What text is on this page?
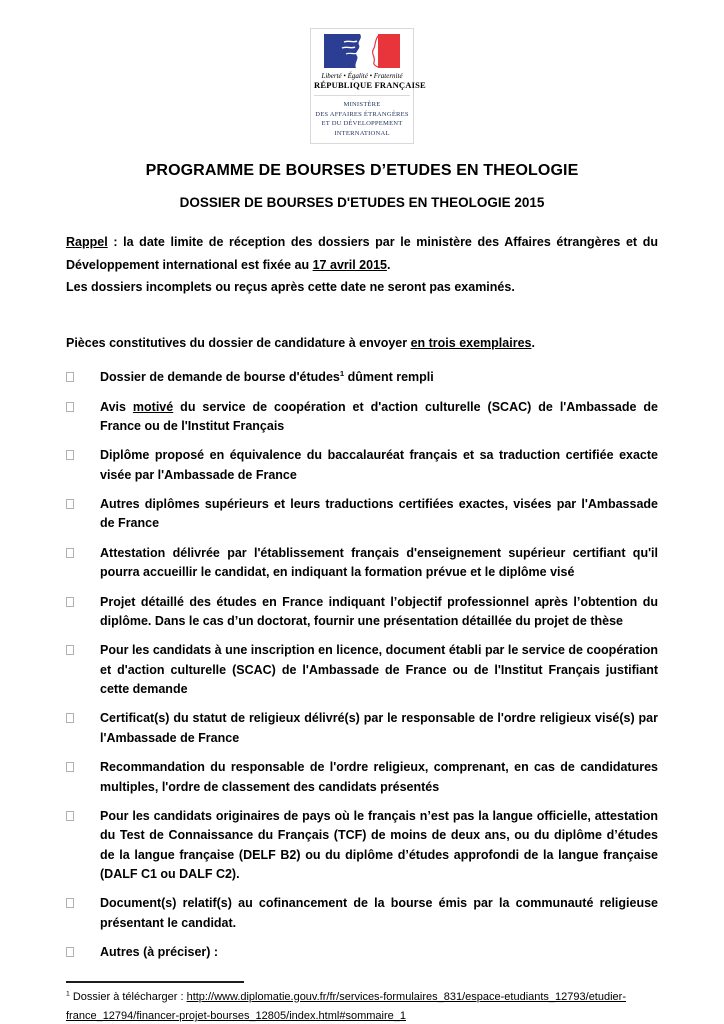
Liberté • Égalité • Fraternité
RÉPUBLIQUE FRANÇAISE
MINISTÈRE
DES AFFAIRES ÉTRANGÈRES
ET DU DÉVELOPPEMENT
INTERNATIONAL
PROGRAMME DE BOURSES D’ETUDES EN THEOLOGIE
DOSSIER DE BOURSES D'ETUDES EN THEOLOGIE 2015

Rappel : la date limite de réception des dossiers par le ministère des Affaires étrangères et du Développement international est fixée au 17 avril 2015.

Les dossiers incomplets ou reçus après cette date ne seront pas examinés.

Pièces constitutives du dossier de candidature à envoyer en trois exemplaires.

Dossier de demande de bourse d'études$^1$ dûment rempli
Avis motivé du service de coopération et d'action culturelle (SCAC) de l'Ambassade de France ou de l'Institut Français
Diplôme proposé en équivalence du baccalauréat français et sa traduction certifiée exacte visée par l'Ambassade de France
Autres diplômes supérieurs et leurs traductions certifiées exactes, visées par l'Ambassade de France
Attestation délivrée par l'établissement français d'enseignement supérieur certifiant qu'il pourra accueillir le candidat, en indiquant la formation prévue et le diplôme visé
Projet détaillé des études en France indiquant l’objectif professionnel après l’obtention du diplôme. Dans le cas d’un doctorat, fournir une présentation détaillée du projet de thèse
Pour les candidats à une inscription en licence, document établi par le service de coopération et d'action culturelle (SCAC) de l'Ambassade de France ou de l'Institut Français justifiant cette demande
Certificat(s) du statut de religieux délivré(s) par le responsable de l'ordre religieux visé(s) par l'Ambassade de France
Recommandation du responsable de l'ordre religieux, comprenant, en cas de candidatures multiples, l'ordre de classement des candidats présentés
Pour les candidats originaires de pays où le français n’est pas la langue officielle, attestation du Test de Connaissance du Français (TCF) de moins de deux ans, ou du diplôme d’études de la langue française (DELF B2) ou du diplôme d’études approfondi de la langue française (DALF C1 ou DALF C2).
Document(s) relatif(s) au cofinancement de la bourse émis par la communauté religieuse présentant le candidat.
Autres (à préciser) :

$^1$ Dossier à télécharger : http://www.diplomatie.gouv.fr/fr/services-formulaires_831/espace-etudiants_12793/etudier-france_12794/financer-projet-bourses_12805/index.html#sommaire_1
